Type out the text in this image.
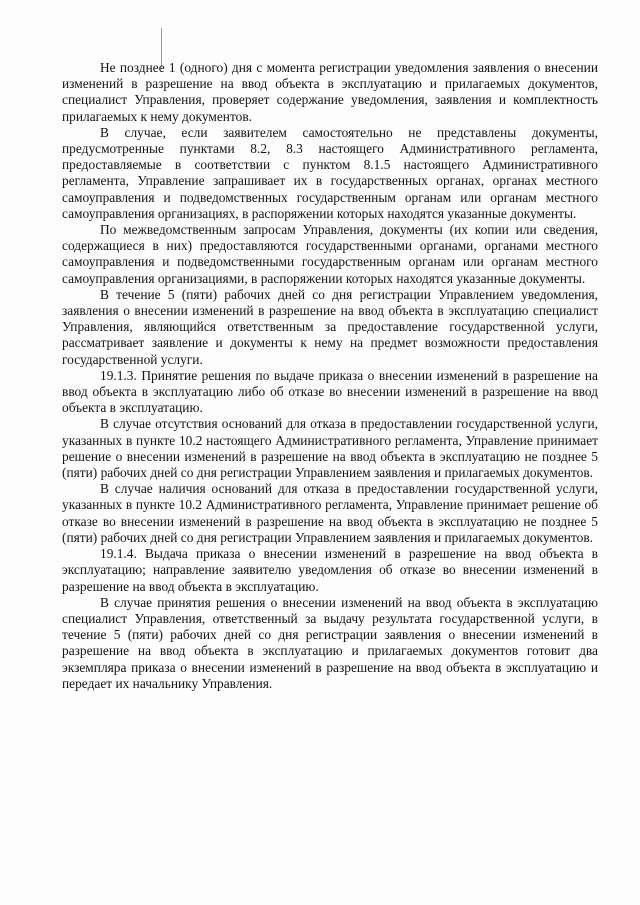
Не позднее 1 (одного) дня с момента регистрации уведомления заявления о внесении изменений в разрешение на ввод объекта в эксплуатацию и прилагаемых документов, специалист Управления, проверяет содержание уведомления, заявления и комплектность прилагаемых к нему документов.

В случае, если заявителем самостоятельно не представлены документы, предусмотренные пунктами 8.2, 8.3 настоящего Административного регламента, предоставляемые в соответствии с пунктом 8.1.5 настоящего Административного регламента, Управление запрашивает их в государственных органах, органах местного самоуправления и подведомственных государственным органам или органам местного самоуправления организациях, в распоряжении которых находятся указанные документы.

По межведомственным запросам Управления, документы (их копии или сведения, содержащиеся в них) предоставляются государственными органами, органами местного самоуправления и подведомственными государственным органам или органам местного самоуправления организациями, в распоряжении которых находятся указанные документы.

В течение 5 (пяти) рабочих дней со дня регистрации Управлением уведомления, заявления о внесении изменений в разрешение на ввод объекта в эксплуатацию специалист Управления, являющийся ответственным за предоставление государственной услуги, рассматривает заявление и документы к нему на предмет возможности предоставления государственной услуги.

19.1.3. Принятие решения по выдаче приказа о внесении изменений в разрешение на ввод объекта в эксплуатацию либо об отказе во внесении изменений в разрешение на ввод объекта в эксплуатацию.

В случае отсутствия оснований для отказа в предоставлении государственной услуги, указанных в пункте 10.2 настоящего Административного регламента, Управление принимает решение о внесении изменений в разрешение на ввод объекта в эксплуатацию не позднее 5 (пяти) рабочих дней со дня регистрации Управлением заявления и прилагаемых документов.

В случае наличия оснований для отказа в предоставлении государственной услуги, указанных в пункте 10.2 Административного регламента, Управление принимает решение об отказе во внесении изменений в разрешение на ввод объекта в эксплуатацию не позднее 5 (пяти) рабочих дней со дня регистрации Управлением заявления и прилагаемых документов.

19.1.4. Выдача приказа о внесении изменений в разрешение на ввод объекта в эксплуатацию; направление заявителю уведомления об отказе во внесении изменений в разрешение на ввод объекта в эксплуатацию.

В случае принятия решения о внесении изменений на ввод объекта в эксплуатацию специалист Управления, ответственный за выдачу результата государственной услуги, в течение 5 (пяти) рабочих дней со дня регистрации заявления о внесении изменений в разрешение на ввод объекта в эксплуатацию и прилагаемых документов готовит два экземпляра приказа о внесении изменений в разрешение на ввод объекта в эксплуатацию и передает их начальнику Управления.
